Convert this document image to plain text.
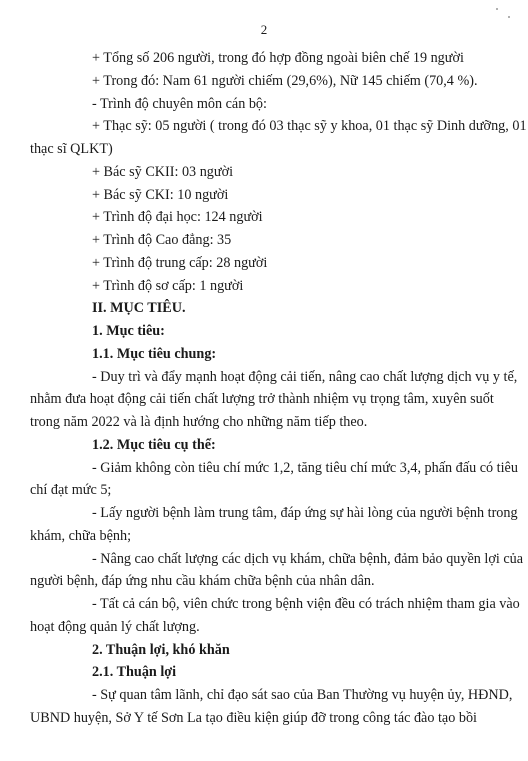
2
+ Tổng số 206 người, trong đó hợp đồng ngoài biên chế 19 người
+ Trong đó: Nam 61 người chiếm (29,6%), Nữ 145 chiếm (70,4 %).
- Trình độ chuyên môn cán bộ:
+ Thạc sỹ: 05 người ( trong đó 03 thạc sỹ y khoa, 01 thạc sỹ Dinh dưỡng, 01
thạc sĩ QLKT)
+ Bác sỹ CKII: 03 người
+ Bác sỹ CKI: 10 người
+ Trình độ đại học: 124 người
+ Trình độ Cao đẳng: 35
+ Trình độ trung cấp: 28 người
+ Trình độ sơ cấp: 1 người
II. MỤC TIÊU.
1. Mục tiêu:
1.1. Mục tiêu chung:
- Duy trì và đẩy mạnh hoạt động cải tiến, nâng cao chất lượng dịch vụ y tế,
nhằm đưa hoạt động cải tiến chất lượng trở thành nhiệm vụ trọng tâm, xuyên suốt
trong năm 2022 và là định hướng cho những năm tiếp theo.
1.2. Mục tiêu cụ thể:
- Giảm không còn tiêu chí mức 1,2, tăng tiêu chí mức 3,4, phấn đấu có tiêu
chí đạt mức 5;
- Lấy người bệnh làm trung tâm, đáp ứng sự hài lòng của người bệnh trong
khám, chữa bệnh;
- Nâng cao chất lượng các dịch vụ khám, chữa bệnh, đảm bảo quyền lợi của
người bệnh, đáp ứng nhu cầu khám chữa bệnh của nhân dân.
- Tất cả cán bộ, viên chức trong bệnh viện đều có trách nhiệm tham gia vào
hoạt động quản lý chất lượng.
2. Thuận lợi, khó khăn
2.1. Thuận lợi
- Sự quan tâm lãnh, chỉ đạo sát sao của Ban Thường vụ huyện ủy, HĐND,
UBND huyện, Sở Y tế Sơn La tạo điều kiện giúp đỡ trong công tác đào tạo bồi
